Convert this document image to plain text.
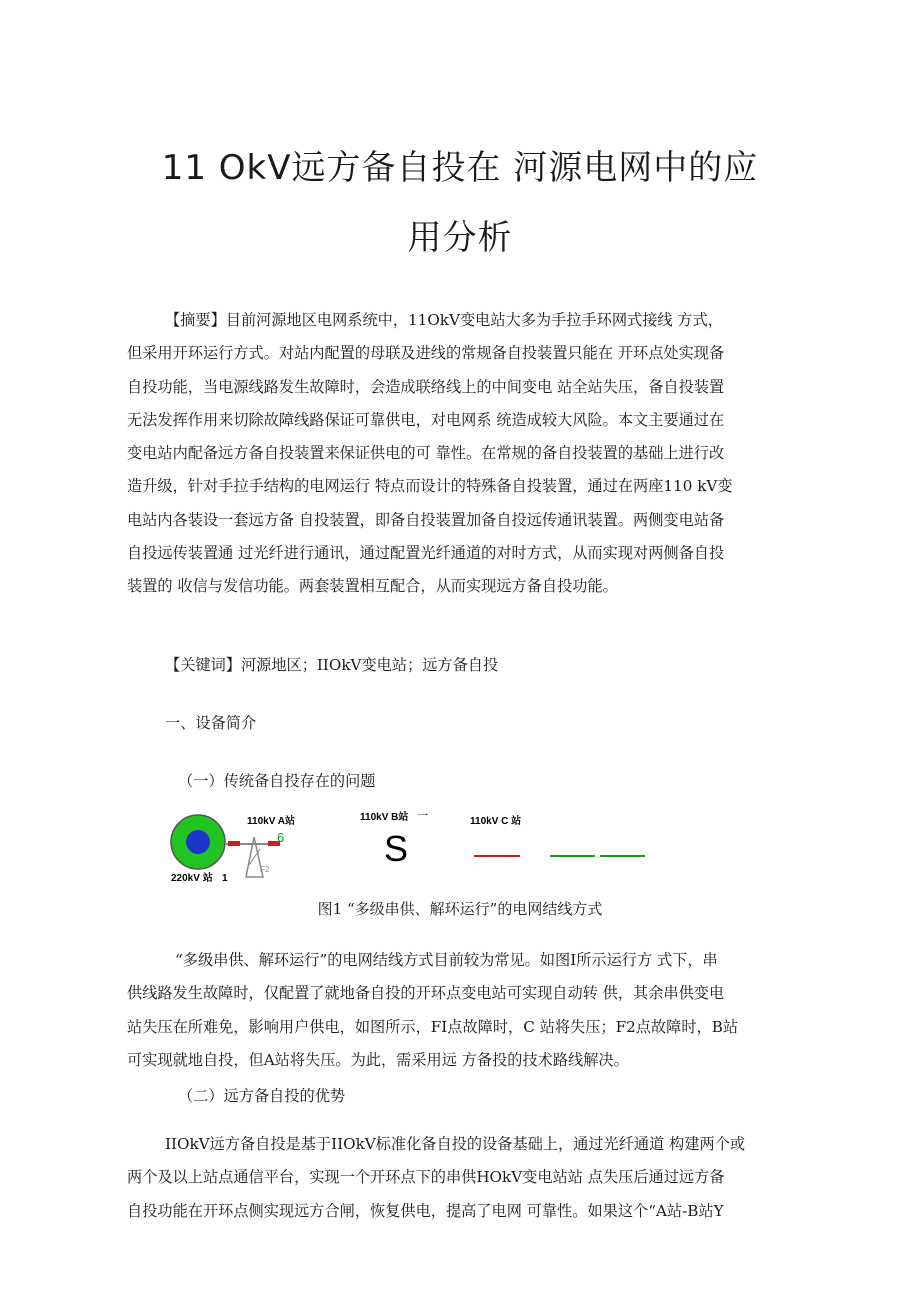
11 OkV远方备自投在 河源电网中的应
用分析
【摘要】目前河源地区电网系统中，11OkV变电站大多为手拉手环网式接线 方式，
但采用开环运行方式。对站内配置的母联及进线的常规备自投装置只能在 开环点处实现备
自投功能，当电源线路发生故障时，会造成联络线上的中间变电 站全站失压，备自投装置
无法发挥作用来切除故障线路保证可靠供电，对电网系 统造成较大风险。本文主要通过在
变电站内配备远方备自投装置来保证供电的可 靠性。在常规的备自投装置的基础上进行改
造升级，针对手拉手结构的电网运行 特点而设计的特殊备自投装置，通过在两座110 kV变
电站内各装设一套远方备 自投装置，即备自投装置加备自投远传通讯装置。两侧变电站备
自投远传装置通 过光纤进行通讯，通过配置光纤通道的对时方式，从而实现对两侧备自投
装置的 收信与发信功能。两套装置相互配合，从而实现远方备自投功能。

【关键词】河源地区；IIOkV变电站；远方备自投

一、设备简介

（一）传统备自投存在的问题

110kV A站
6
F2
220kV 站 1
110kV B站 一
S
110kV C 站
图1 “多级串供、解环运行”的电网结线方式
“多级串供、解环运行”的电网结线方式目前较为常见。如图I所示运行方 式下，串
供线路发生故障时，仅配置了就地备自投的开环点变电站可实现自动转 供，其余串供变电
站失压在所难免，影响用户供电，如图所示，FI点故障时，C 站将失压；F2点故障时，B站
可实现就地自投，但A站将失压。为此，需采用远 方备投的技术路线解决。

（二）远方备自投的优势

IIOkV远方备自投是基于IIOkV标准化备自投的设备基础上，通过光纤通道 构建两个或
两个及以上站点通信平台，实现一个开环点下的串供HOkV变电站站 点失压后通过远方备
自投功能在开环点侧实现远方合闸，恢复供电，提高了电网 可靠性。如果这个“A站-B站Y
